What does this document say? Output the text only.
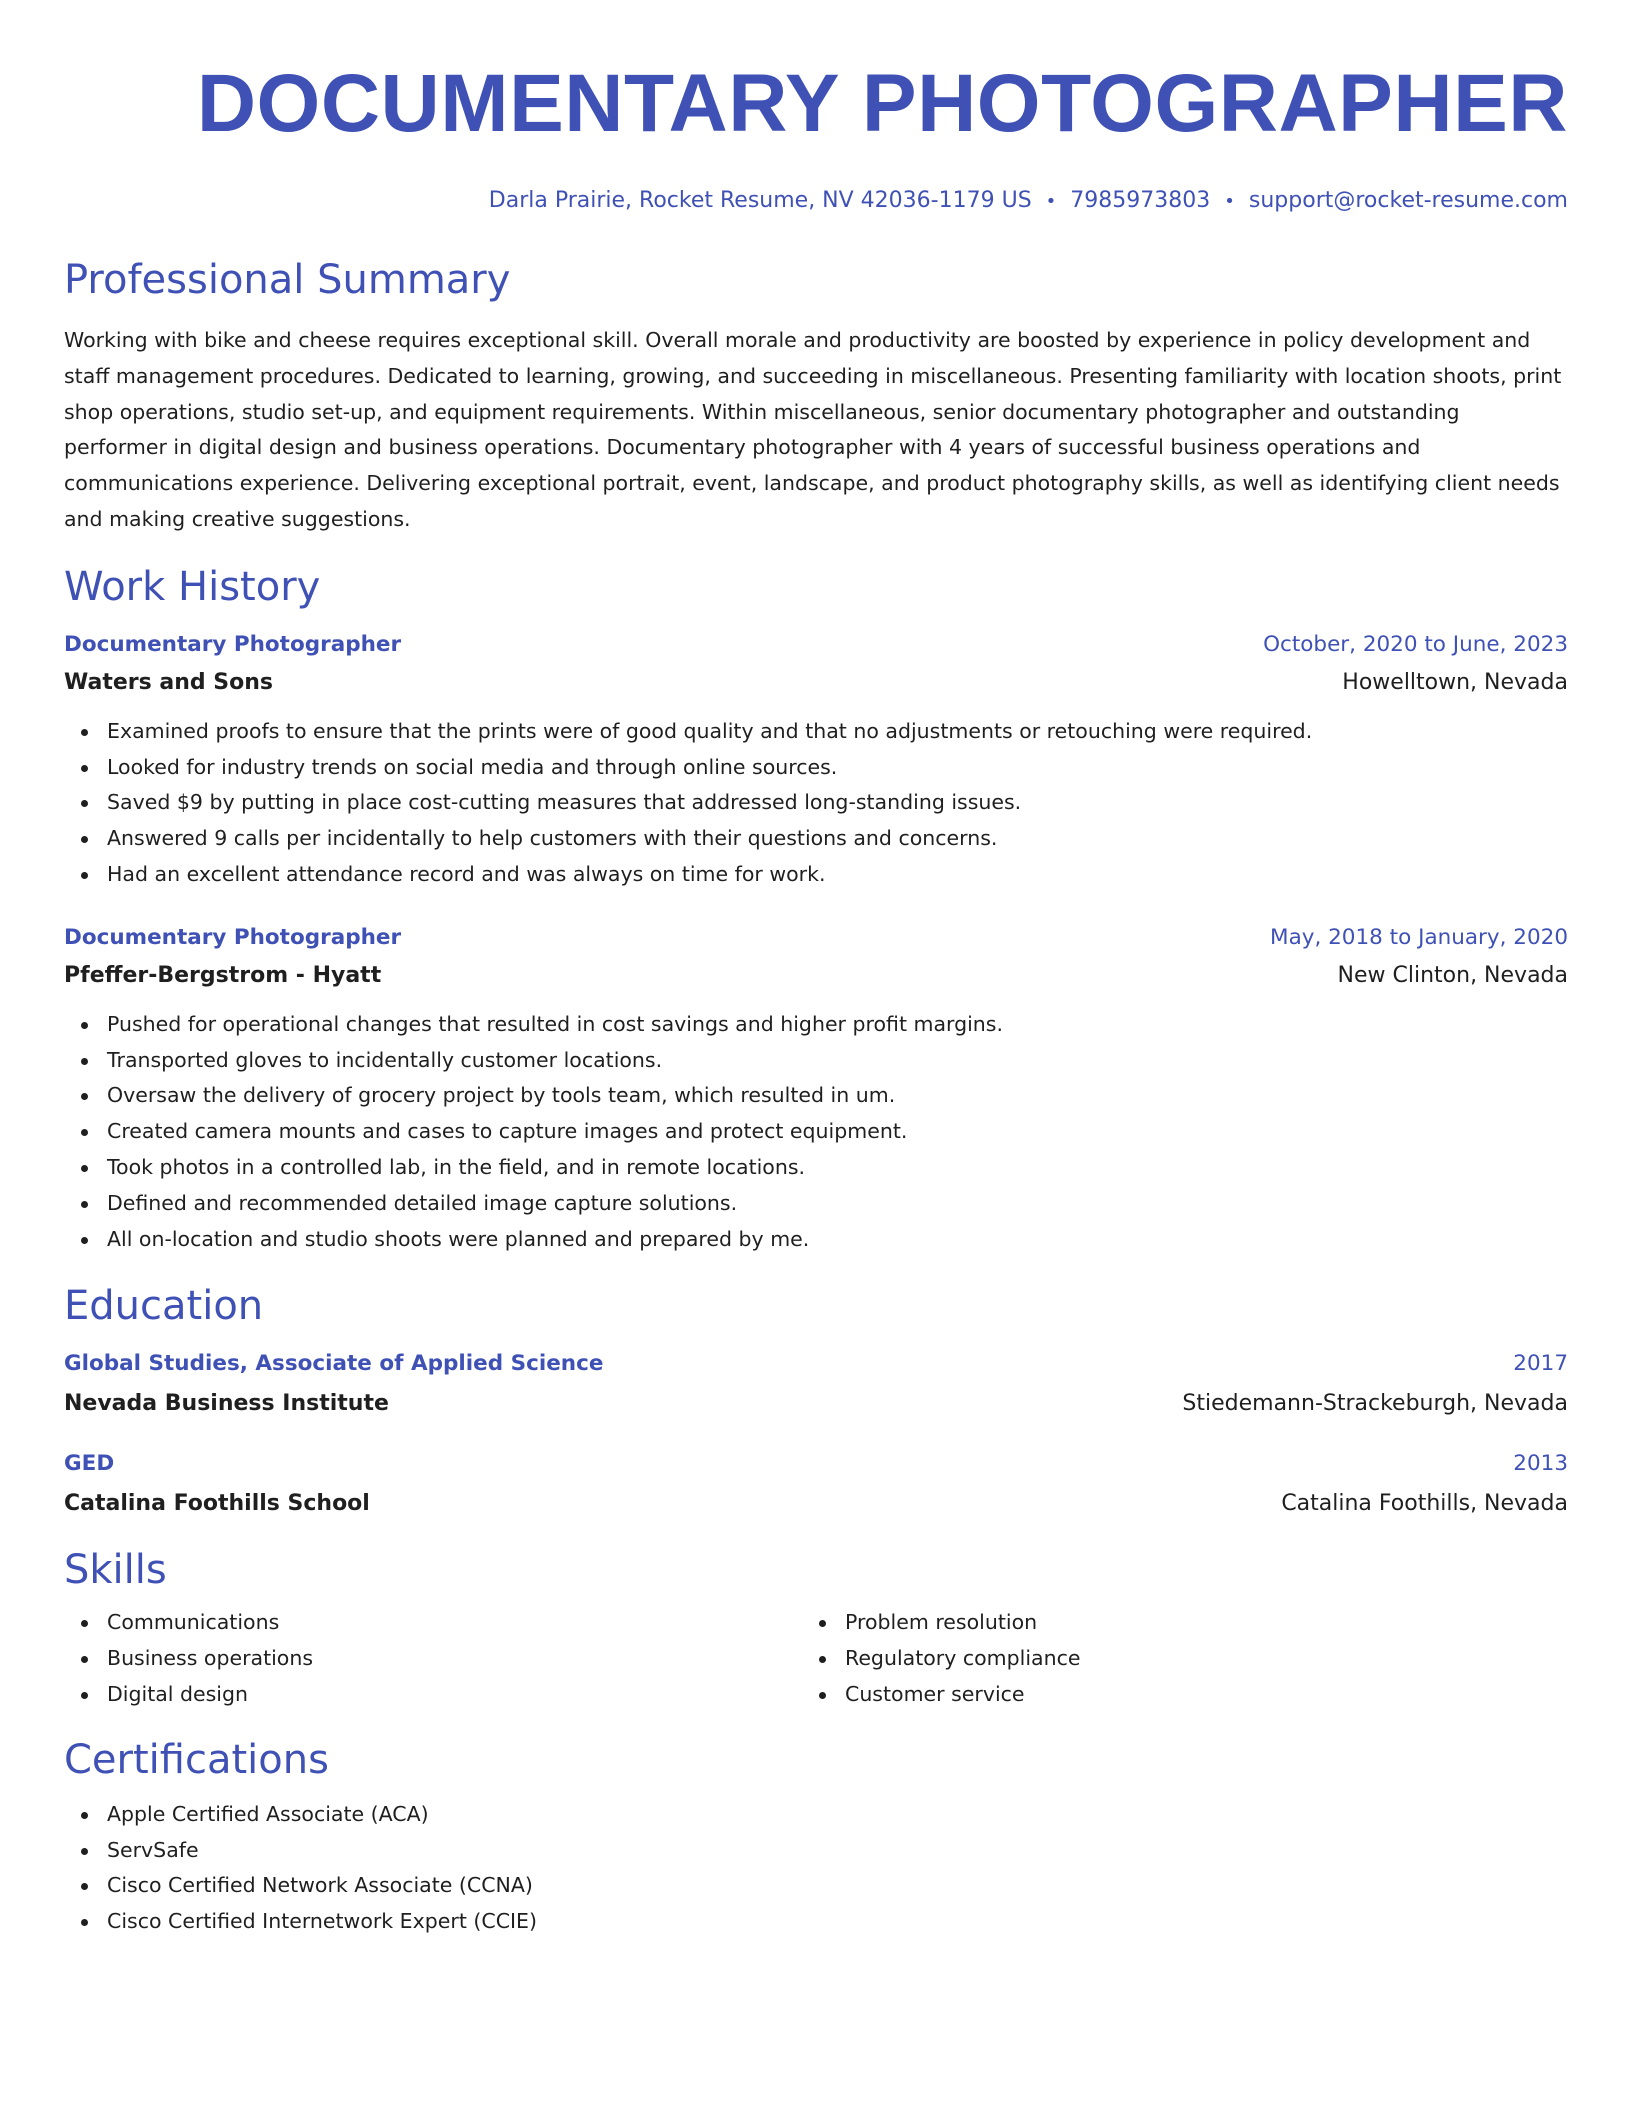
DOCUMENTARY PHOTOGRAPHER
Darla Prairie, Rocket Resume, NV 42036-1179 US • 7985973803 • support@rocket-resume.com
Professional Summary

Working with bike and cheese requires exceptional skill. Overall morale and productivity are boosted by experience in policy development and staff management procedures. Dedicated to learning, growing, and succeeding in miscellaneous. Presenting familiarity with location shoots, print shop operations, studio set-up, and equipment requirements. Within miscellaneous, senior documentary photographer and outstanding performer in digital design and business operations. Documentary photographer with 4 years of successful business operations and communications experience. Delivering exceptional portrait, event, landscape, and product photography skills, as well as identifying client needs and making creative suggestions.

Work History
Documentary Photographer	October, 2020 to June, 2023
Waters and Sons	Howelltown, Nevada
Examined proofs to ensure that the prints were of good quality and that no adjustments or retouching were required.
Looked for industry trends on social media and through online sources.
Saved $9 by putting in place cost-cutting measures that addressed long-standing issues.
Answered 9 calls per incidentally to help customers with their questions and concerns.
Had an excellent attendance record and was always on time for work.
Documentary Photographer	May, 2018 to January, 2020
Pfeffer-Bergstrom - Hyatt	New Clinton, Nevada
Pushed for operational changes that resulted in cost savings and higher profit margins.
Transported gloves to incidentally customer locations.
Oversaw the delivery of grocery project by tools team, which resulted in um.
Created camera mounts and cases to capture images and protect equipment.
Took photos in a controlled lab, in the field, and in remote locations.
Defined and recommended detailed image capture solutions.
All on-location and studio shoots were planned and prepared by me.
Education
Global Studies, Associate of Applied Science	2017
Nevada Business Institute	Stiedemann-Strackeburgh, Nevada
GED	2013
Catalina Foothills School	Catalina Foothills, Nevada
Skills
Communications
Business operations
Digital design
Problem resolution
Regulatory compliance
Customer service
Certifications
Apple Certified Associate (ACA)
ServSafe
Cisco Certified Network Associate (CCNA)
Cisco Certified Internetwork Expert (CCIE)
